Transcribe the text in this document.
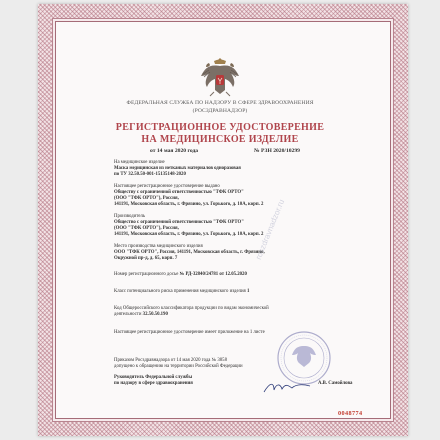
ФЕДЕРАЛЬНАЯ СЛУЖБА ПО НАДЗОРУ В СФЕРЕ ЗДРАВООХРАНЕНИЯ
(РОСЗДРАВНАДЗОР)
РЕГИСТРАЦИОННОЕ УДОСТОВЕРЕНИЕ
НА МЕДИЦИНСКОЕ ИЗДЕЛИЕ
от 14 мая 2020 года	№ РЗН 2020/10299
На медицинское изделие
Маска медицинская из нетканых материалов одноразовая
по ТУ 32.50.50-001-15135148-2020
Настоящее регистрационное удостоверение выдано
Обществу с ограниченной ответственностью "ТФК ОРТО"
(ООО "ТФК ОРТО"), Россия,
141191, Московская область, г. Фрязино, ул. Горького, д. 10А, корп. 2
Производитель
Общество с ограниченной ответственностью "ТФК ОРТО"
(ООО "ТФК ОРТО"), Россия,
141191, Московская область, г. Фрязино, ул. Горького, д. 10А, корп. 2
Место производства медицинского изделия
ООО "ТФК ОРТО", Россия, 141191, Московская область, г. Фрязино,
Окружной пр-д, д. 65, корп. 7
Номер регистрационного досье № РД-32840/24781 от 12.05.2020
Класс потенциального риска применения медицинского изделия 1
Код Общероссийского классификатора продукции по видам экономической
деятельности 32.50.50.190
Настоящее регистрационное удостоверение имеет приложение на 1 листе
Приказом Росздравнадзора от 14 мая 2020 года № 3858
допущено к обращению на территории Российской Федерации
Руководитель Федеральной службы
по надзору в сфере здравоохранения	А.В. Самойлова
roszdravnadzor.ru
0048774
